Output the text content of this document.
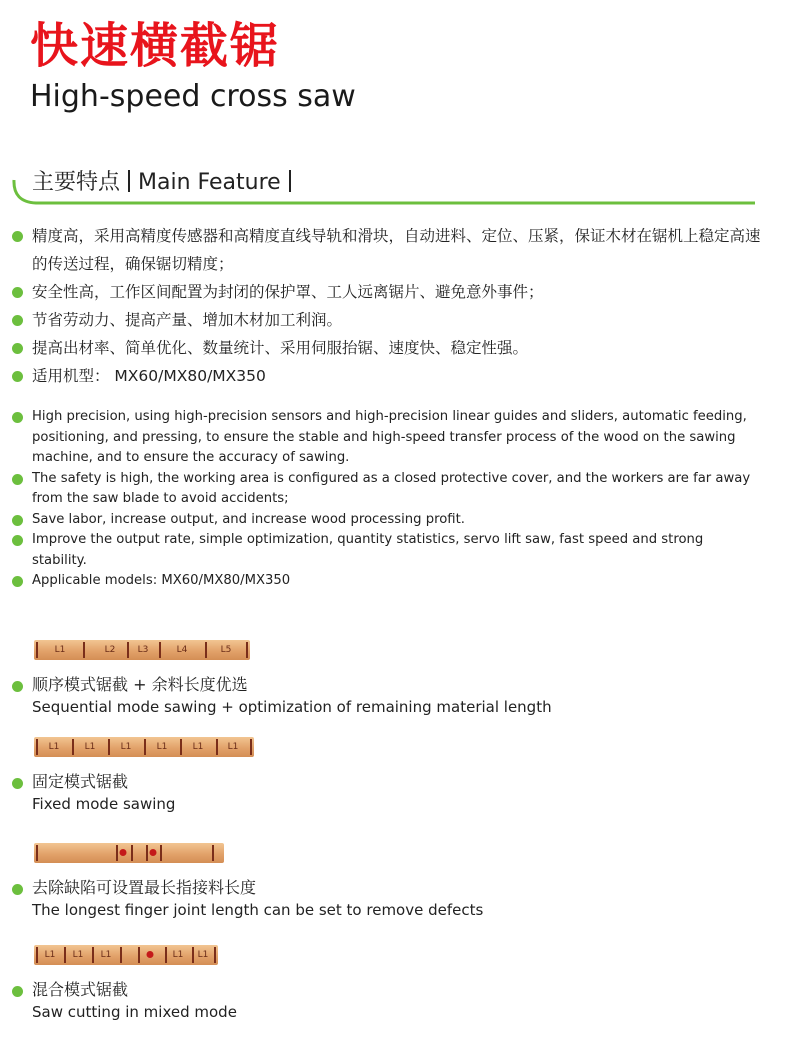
快速横截锯
High-speed cross saw
主要特点 Main Feature
精度高，采用高精度传感器和高精度直线导轨和滑块，自动进料、定位、压紧，保证木材在锯机上稳定高速的传送过程，确保锯切精度；
安全性高，工作区间配置为封闭的保护罩、工人远离锯片、避免意外事件；
节省劳动力、提高产量、增加木材加工利润。
提高出材率、简单优化、数量统计、采用伺服抬锯、速度快、稳定性强。
适用机型： MX60/MX80/MX350
High precision, using high-precision sensors and high-precision linear guides and sliders, automatic feeding, positioning, and pressing, to ensure the stable and high-speed transfer process of the wood on the sawing machine, and to ensure the accuracy of sawing.
The safety is high, the working area is configured as a closed protective cover, and the workers are far away from the saw blade to avoid accidents;
Save labor, increase output, and increase wood processing profit.
Improve the output rate, simple optimization, quantity statistics, servo lift saw, fast speed and strong stability.
Applicable models: MX60/MX80/MX350
L1	L2 L3	L4	L5
顺序模式锯截 + 余料长度优选
Sequential mode sawing + optimization of remaining material length
L1	L1	L1	L1	L1	L1
固定模式锯截
Fixed mode sawing
去除缺陷可设置最长指接料长度
The longest finger joint length can be set to remove defects
L1 L1 L1	L1 L1
混合模式锯截
Saw cutting in mixed mode
